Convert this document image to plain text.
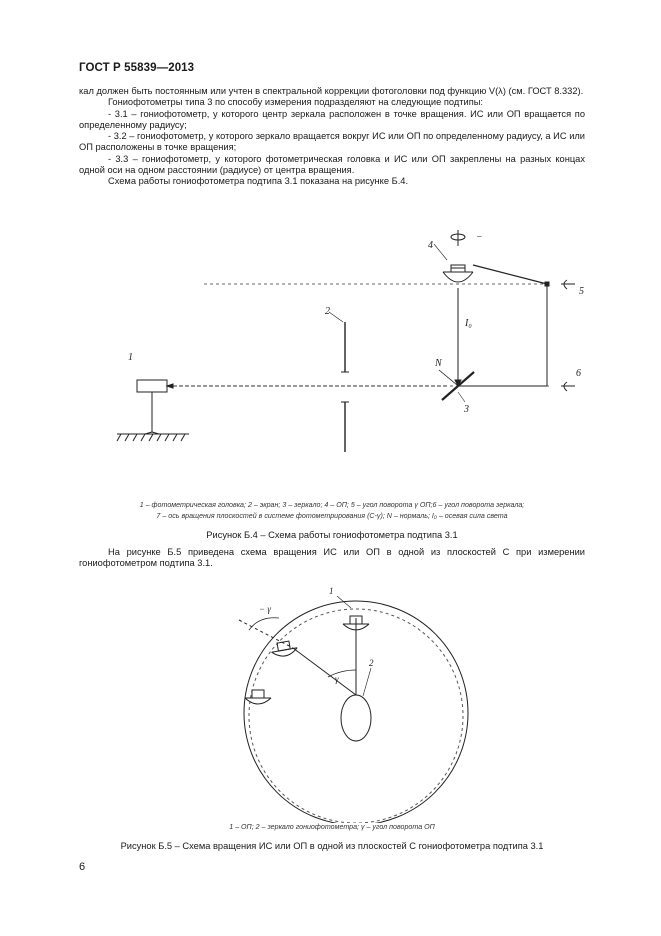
ГОСТ Р 55839—2013

кал должен быть постоянным или учтен в спектральной коррекции фотоголовки под функцию V(λ) (см. ГОСТ 8.332).

Гониофотометры типа 3 по способу измерения подразделяют на следующие подтипы:

- 3.1 – гониофотометр, у которого центр зеркала расположен в точке вращения. ИС или ОП вращается по определенному радиусу;

- 3.2 – гониофотометр, у которого зеркало вращается вокруг ИС или ОП по определенному радиусу, а ИС или ОП расположены в точке вращения;

- 3.3 – гониофотометр, у которого фотометрическая головка и ИС или ОП закреплены на разных концах одной оси на одном расстоянии (радиусе) от центра вращения.

Схема работы гониофотометра подтипа 3.1 показана на рисунке Б.4.

1
2
3
4
5
6
I₀
N
−
1 – фотометрическая головка; 2 – экран; 3 – зеркало; 4 – ОП; 5 – угол поворота γ ОП;6 – угол поворота зеркала;
7 – ось вращения плоскостей в системе фотометрирования (С-γ); N – нормаль; I₀ – осевая сила света
Рисунок Б.4 – Схема работы гониофотометра подтипа 3.1
На рисунке Б.5 приведена схема вращения ИС или ОП в одной из плоскостей С при измерении гониофотометром подтипа 3.1.
1
2
γ
− γ
1 – ОП; 2 – зеркало гониофотометра; γ – угол поворота ОП
Рисунок Б.5 – Схема вращения ИС или ОП в одной из плоскостей С гониофотометра подтипа 3.1
6
